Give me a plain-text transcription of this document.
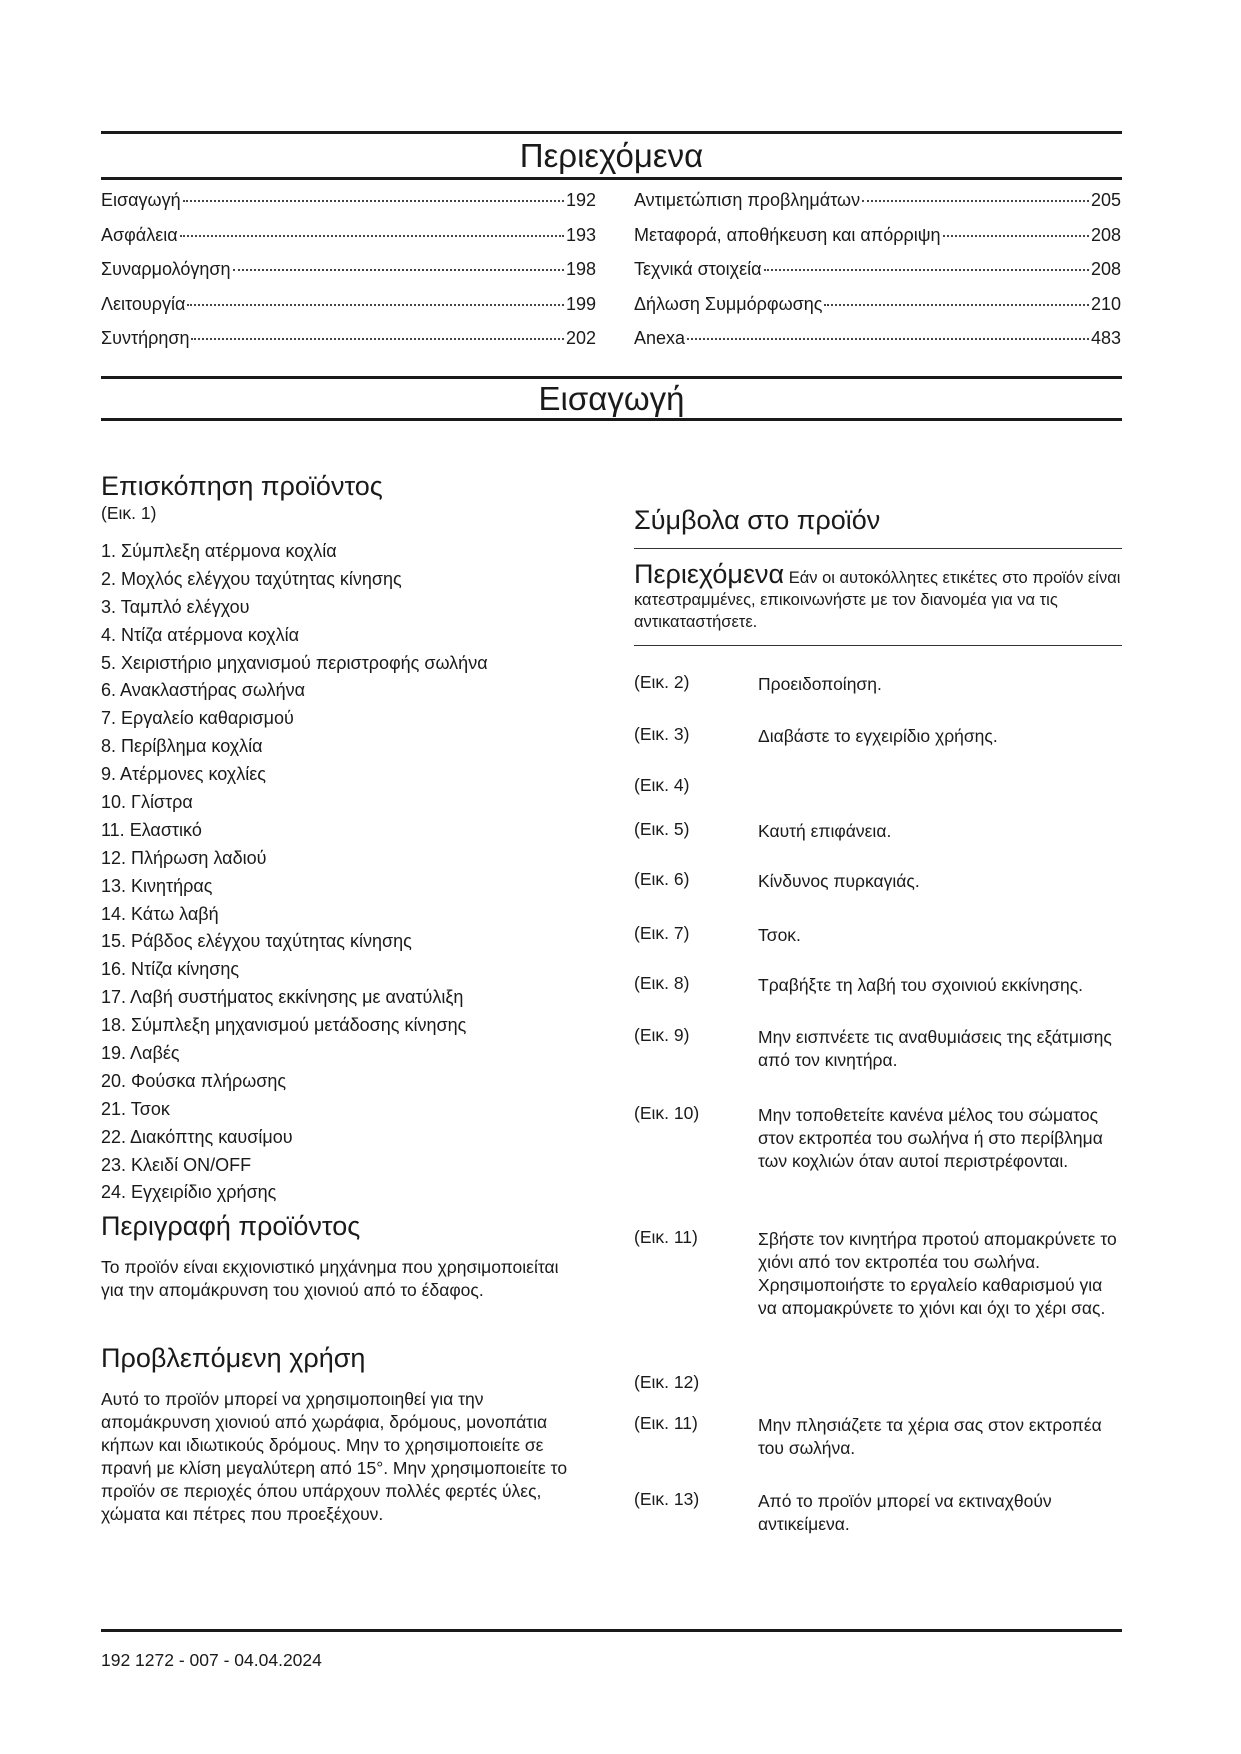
Περιεχόμενα
Εισαγωγή	192
Ασφάλεια	193
Συναρμολόγηση	198
Λειτουργία	199
Συντήρηση	202
Αντιμετώπιση προβλημάτων	205
Μεταφορά, αποθήκευση και απόρριψη	208
Τεχνικά στοιχεία	208
Δήλωση Συμμόρφωσης	210
Anexa	483
Εισαγωγή
Επισκόπηση προϊόντος
(Εικ. 1)
1. Σύμπλεξη ατέρμονα κοχλία
2. Μοχλός ελέγχου ταχύτητας κίνησης
3. Ταμπλό ελέγχου
4. Ντίζα ατέρμονα κοχλία
5. Χειριστήριο μηχανισμού περιστροφής σωλήνα
6. Ανακλαστήρας σωλήνα
7. Εργαλείο καθαρισμού
8. Περίβλημα κοχλία
9. Ατέρμονες κοχλίες
10. Γλίστρα
11. Ελαστικό
12. Πλήρωση λαδιού
13. Κινητήρας
14. Κάτω λαβή
15. Ράβδος ελέγχου ταχύτητας κίνησης
16. Ντίζα κίνησης
17. Λαβή συστήματος εκκίνησης με ανατύλιξη
18. Σύμπλεξη μηχανισμού μετάδοσης κίνησης
19. Λαβές
20. Φούσκα πλήρωσης
21. Τσοκ
22. Διακόπτης καυσίμου
23. Κλειδί ON/OFF
24. Εγχειρίδιο χρήσης
Περιγραφή προϊόντος

Το προϊόν είναι εκχιονιστικό μηχάνημα που χρησιμοποιείται για την απομάκρυνση του χιονιού από το έδαφος.

Προβλεπόμενη χρήση

Αυτό το προϊόν μπορεί να χρησιμοποιηθεί για την απομάκρυνση χιονιού από χωράφια, δρόμους, μονοπάτια κήπων και ιδιωτικούς δρόμους. Μην το χρησιμοποιείτε σε πρανή με κλίση μεγαλύτερη από 15°. Μην χρησιμοποιείτε το προϊόν σε περιοχές όπου υπάρχουν πολλές φερτές ύλες, χώματα και πέτρες που προεξέχουν.

Σύμβολα στο προϊόν
Περιεχόμενα Εάν οι αυτοκόλλητες ετικέτες στο προϊόν είναι κατεστραμμένες, επικοινωνήστε με τον διανομέα για να τις αντικαταστήσετε.
(Εικ. 2)	Προειδοποίηση.
(Εικ. 3)	Διαβάστε το εγχειρίδιο χρήσης.
(Εικ. 4)
(Εικ. 5)	Καυτή επιφάνεια.
(Εικ. 6)	Κίνδυνος πυρκαγιάς.
(Εικ. 7)	Τσοκ.
(Εικ. 8)	Τραβήξτε τη λαβή του σχοινιού εκκίνησης.
(Εικ. 9)	Μην εισπνέετε τις αναθυμιάσεις της εξάτμισης από τον κινητήρα.
(Εικ. 10)	Μην τοποθετείτε κανένα μέλος του σώματος στον εκτροπέα του σωλήνα ή στο περίβλημα των κοχλιών όταν αυτοί περιστρέφονται.
(Εικ. 11)	Σβήστε τον κινητήρα προτού απομακρύνετε το χιόνι από τον εκτροπέα του σωλήνα. Χρησιμοποιήστε το εργαλείο καθαρισμού για να απομακρύνετε το χιόνι και όχι το χέρι σας.
(Εικ. 12)
(Εικ. 11)	Μην πλησιάζετε τα χέρια σας στον εκτροπέα του σωλήνα.
(Εικ. 13)	Από το προϊόν μπορεί να εκτιναχθούν αντικείμενα.
192 1272 - 007 - 04.04.2024
